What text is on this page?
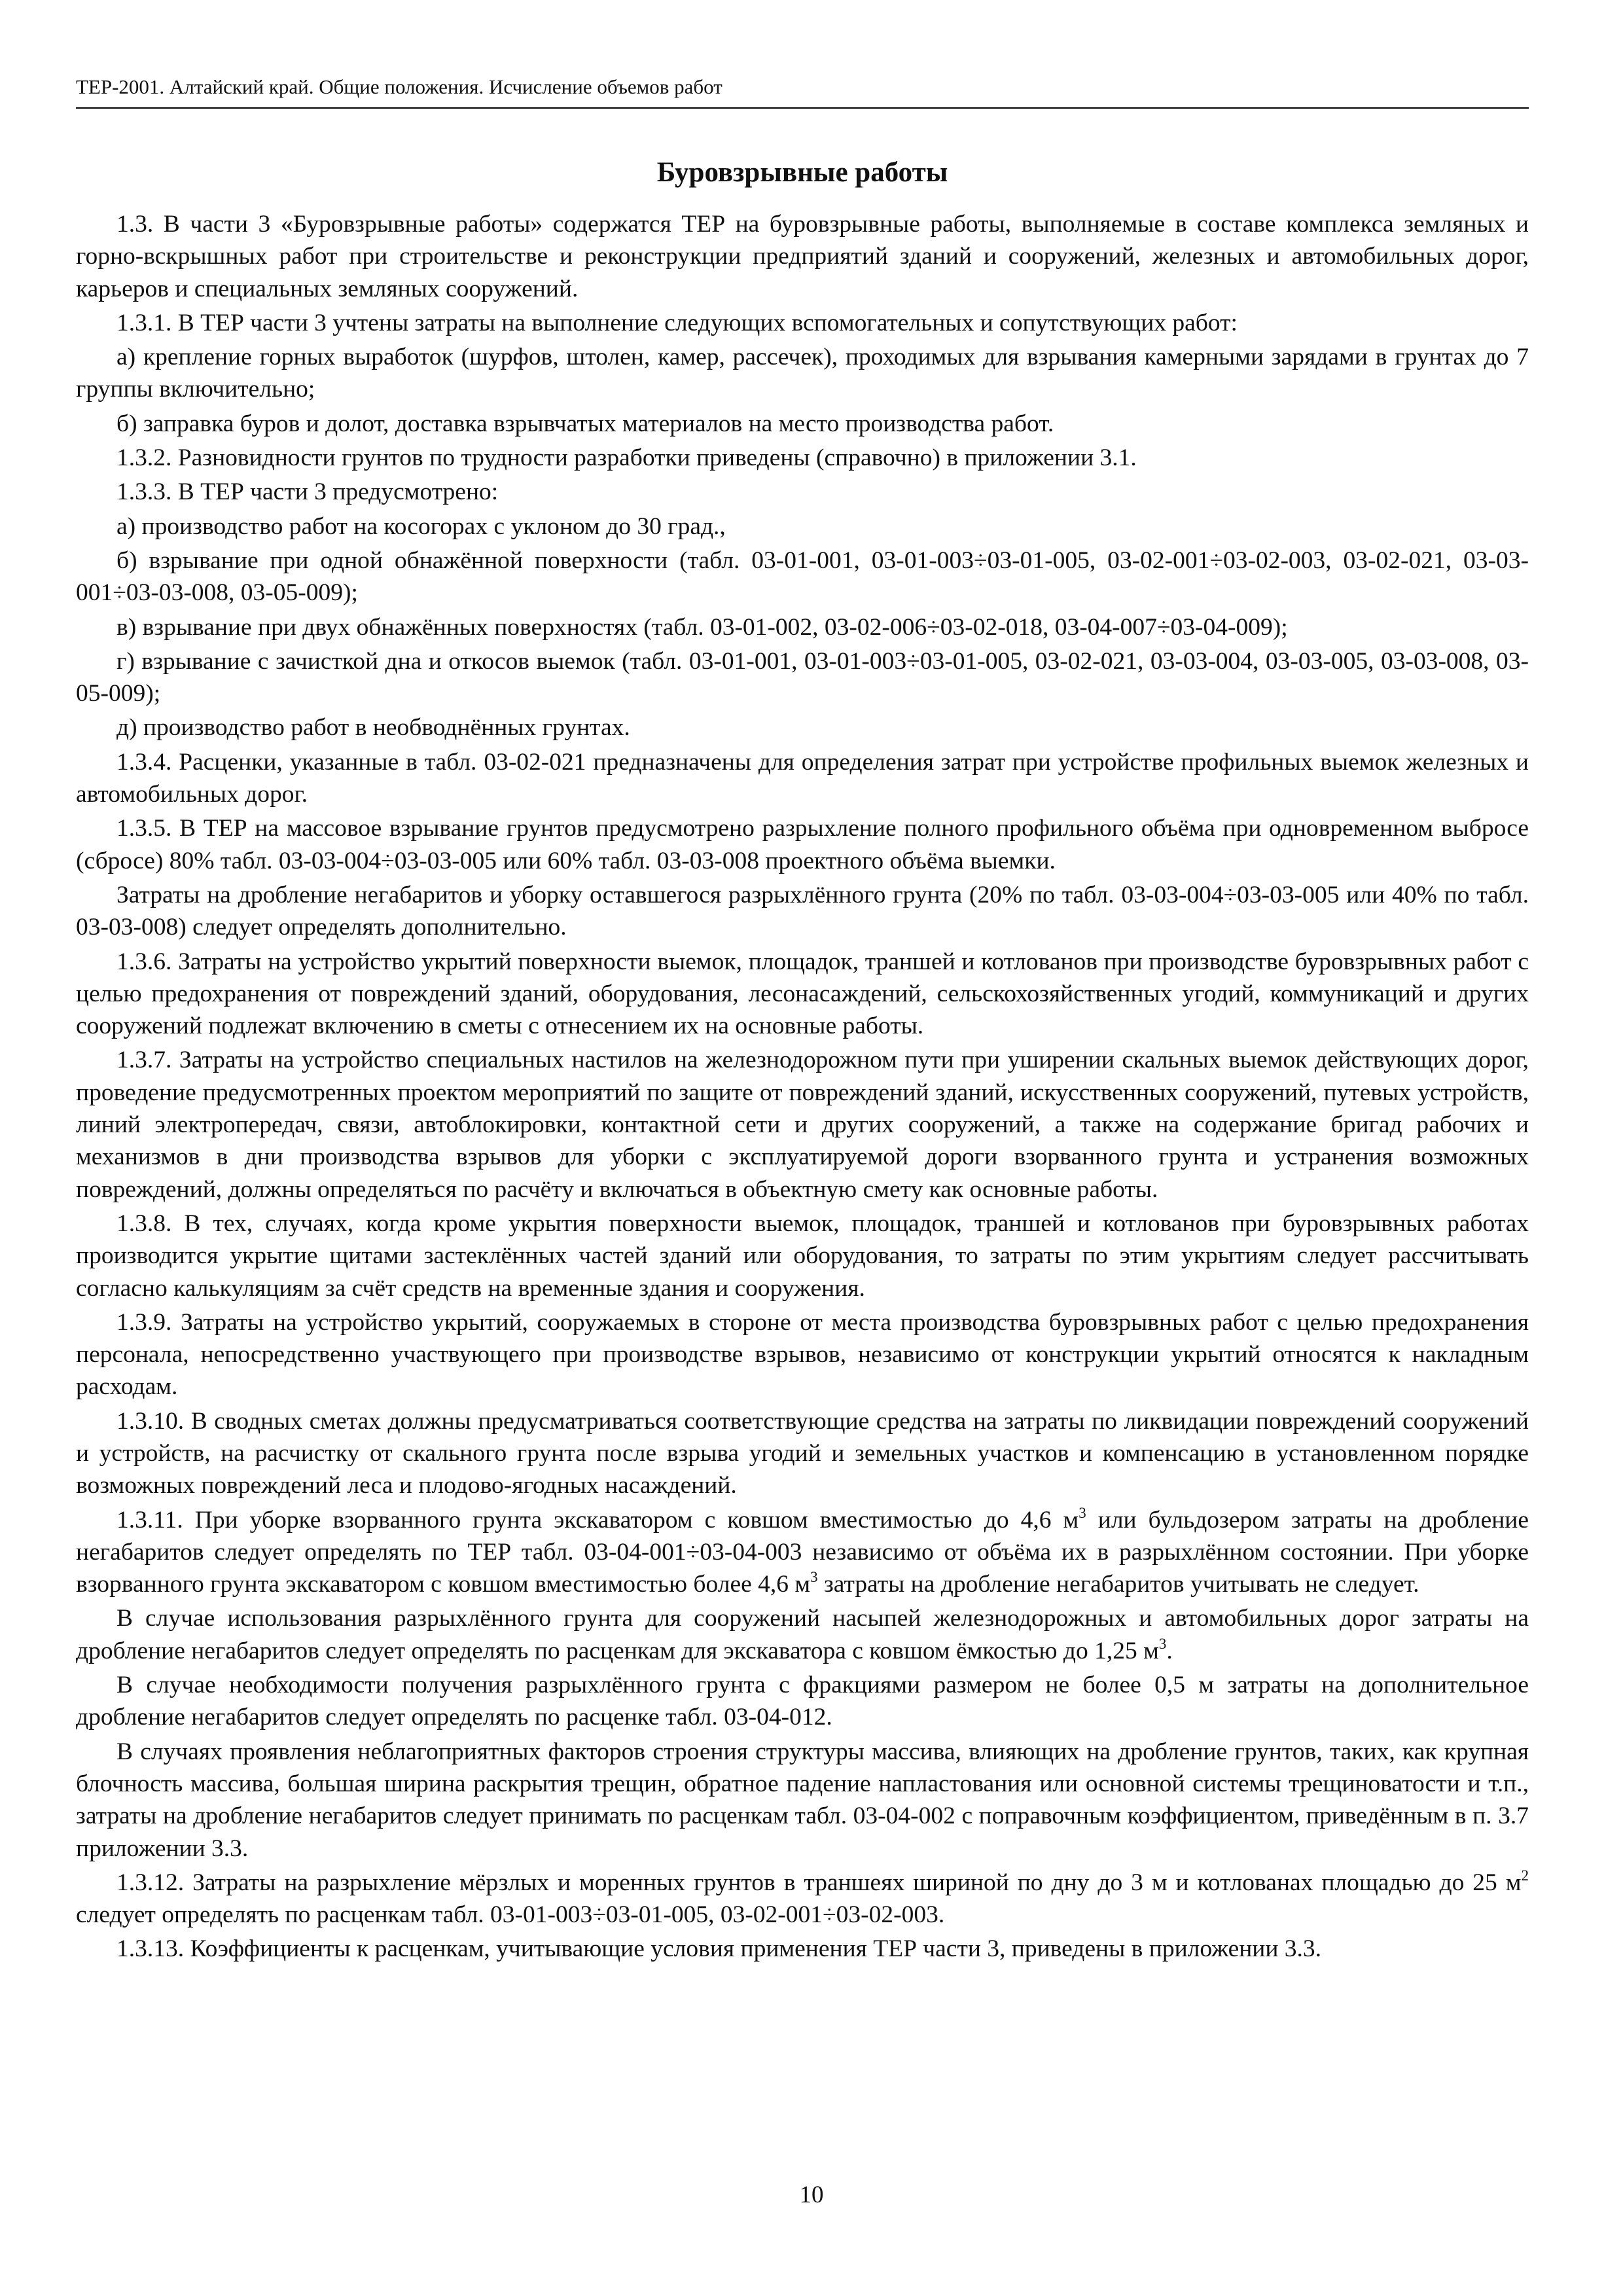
ТЕР-2001. Алтайский край. Общие положения. Исчисление объемов работ
Буровзрывные работы

1.3. В части 3 «Буровзрывные работы» содержатся ТЕР на буровзрывные работы, выполняемые в составе комплекса земляных и горно-вскрышных работ при строительстве и реконструкции предприятий зданий и сооружений, железных и автомобильных дорог, карьеров и специальных земляных сооружений.

1.3.1. В ТЕР части 3 учтены затраты на выполнение следующих вспомогательных и сопутствующих работ:

а) крепление горных выработок (шурфов, штолен, камер, рассечек), проходимых для взрывания камерными зарядами в грунтах до 7 группы включительно;

б) заправка буров и долот, доставка взрывчатых материалов на место производства работ.

1.3.2. Разновидности грунтов по трудности разработки приведены (справочно) в приложении 3.1.

1.3.3. В ТЕР части 3 предусмотрено:

а) производство работ на косогорах с уклоном до 30 град.,

б) взрывание при одной обнажённой поверхности (табл. 03-01-001, 03-01-003÷03-01-005, 03-02-001÷03-02-003, 03-02-021, 03-03-001÷03-03-008, 03-05-009);

в) взрывание при двух обнажённых поверхностях (табл. 03-01-002, 03-02-006÷03-02-018, 03-04-007÷03-04-009);

г) взрывание с зачисткой дна и откосов выемок (табл. 03-01-001, 03-01-003÷03-01-005, 03-02-021, 03-03-004, 03-03-005, 03-03-008, 03-05-009);

д) производство работ в необводнённых грунтах.

1.3.4. Расценки, указанные в табл. 03-02-021 предназначены для определения затрат при устройстве профильных выемок железных и автомобильных дорог.

1.3.5. В ТЕР на массовое взрывание грунтов предусмотрено разрыхление полного профильного объёма при одновременном выбросе (сбросе) 80% табл. 03-03-004÷03-03-005 или 60% табл. 03-03-008 проектного объёма выемки.

Затраты на дробление негабаритов и уборку оставшегося разрыхлённого грунта (20% по табл. 03-03-004÷03-03-005 или 40% по табл. 03-03-008) следует определять дополнительно.

1.3.6. Затраты на устройство укрытий поверхности выемок, площадок, траншей и котлованов при производстве буровзрывных работ с целью предохранения от повреждений зданий, оборудования, лесонасаждений, сельскохозяйственных угодий, коммуникаций и других сооружений подлежат включению в сметы с отнесением их на основные работы.

1.3.7. Затраты на устройство специальных настилов на железнодорожном пути при уширении скальных выемок действующих дорог, проведение предусмотренных проектом мероприятий по защите от повреждений зданий, искусственных сооружений, путевых устройств, линий электропередач, связи, автоблокировки, контактной сети и других сооружений, а также на содержание бригад рабочих и механизмов в дни производства взрывов для уборки с эксплуатируемой дороги взорванного грунта и устранения возможных повреждений, должны определяться по расчёту и включаться в объектную смету как основные работы.

1.3.8. В тех, случаях, когда кроме укрытия поверхности выемок, площадок, траншей и котлованов при буровзрывных работах производится укрытие щитами застеклённых частей зданий или оборудования, то затраты по этим укрытиям следует рассчитывать согласно калькуляциям за счёт средств на временные здания и сооружения.

1.3.9. Затраты на устройство укрытий, сооружаемых в стороне от места производства буровзрывных работ с целью предохранения персонала, непосредственно участвующего при производстве взрывов, независимо от конструкции укрытий относятся к накладным расходам.

1.3.10. В сводных сметах должны предусматриваться соответствующие средства на затраты по ликвидации повреждений сооружений и устройств, на расчистку от скального грунта после взрыва угодий и земельных участков и компенсацию в установленном порядке возможных повреждений леса и плодово-ягодных насаждений.

1.3.11. При уборке взорванного грунта экскаватором с ковшом вместимостью до 4,6 $м^3$ или бульдозером затраты на дробление негабаритов следует определять по ТЕР табл. 03-04-001÷03-04-003 независимо от объёма их в разрыхлённом состоянии. При уборке взорванного грунта экскаватором с ковшом вместимостью более 4,6 $м^3$ затраты на дробление негабаритов учитывать не следует.

В случае использования разрыхлённого грунта для сооружений насыпей железнодорожных и автомобильных дорог затраты на дробление негабаритов следует определять по расценкам для экскаватора с ковшом ёмкостью до 1,25 $м^3$.

В случае необходимости получения разрыхлённого грунта с фракциями размером не более 0,5 м затраты на дополнительное дробление негабаритов следует определять по расценке табл. 03-04-012.

В случаях проявления неблагоприятных факторов строения структуры массива, влияющих на дробление грунтов, таких, как крупная блочность массива, большая ширина раскрытия трещин, обратное падение напластования или основной системы трещиноватости и т.п., затраты на дробление негабаритов следует принимать по расценкам табл. 03-04-002 с поправочным коэффициентом, приведённым в п. 3.7 приложении 3.3.

1.3.12. Затраты на разрыхление мёрзлых и моренных грунтов в траншеях шириной по дну до 3 м и котлованах площадью до 25 $м^2$ следует определять по расценкам табл. 03-01-003÷03-01-005, 03-02-001÷03-02-003.

1.3.13. Коэффициенты к расценкам, учитывающие условия применения ТЕР части 3, приведены в приложении 3.3.

10
